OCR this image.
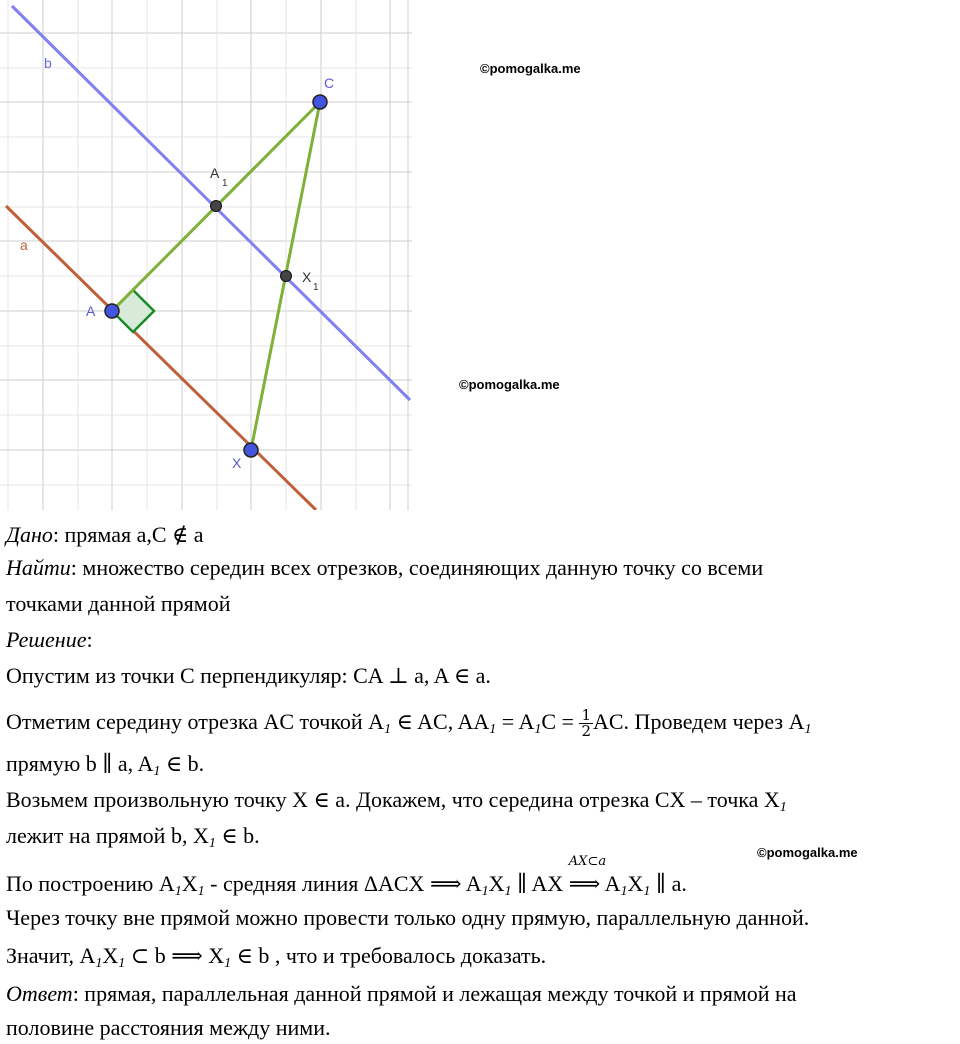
b
a
C
A
X
A
1
X
1
©pomogalka.me
©pomogalka.me
©pomogalka.me
Дано: прямая a,C ∉ a
Найти: множество середин всех отрезков, соединяющих данную точку со всеми
точками данной прямой
Решение:
Опустим из точки C перпендикуляр: CA ⊥ a, A ∈ a.
Отметим середину отрезка AC точкой $A_1$ ∈ AC, $AA_1 = A_1C = \frac{1}{2}$ AC. Проведем через $A_1$
прямую b ∥ a, $A_1$ ∈ b.
Возьмем произвольную точку X ∈ a. Докажем, что середина отрезка CX – точка $X_1$
лежит на прямой b, $X_1$ ∈ b.
По построению $A_1X_1$ - средняя линия ΔACX ⟹ $A_1X_1$ ∥ AX
AX⊂a
⟹ $A_1X_1$ ∥ a.
Через точку вне прямой можно провести только одну прямую, параллельную данной.
Значит, $A_1X_1$ ⊂ b ⟹ $X_1$ ∈ b , что и требовалось доказать.
Ответ: прямая, параллельная данной прямой и лежащая между точкой и прямой на
половине расстояния между ними.
